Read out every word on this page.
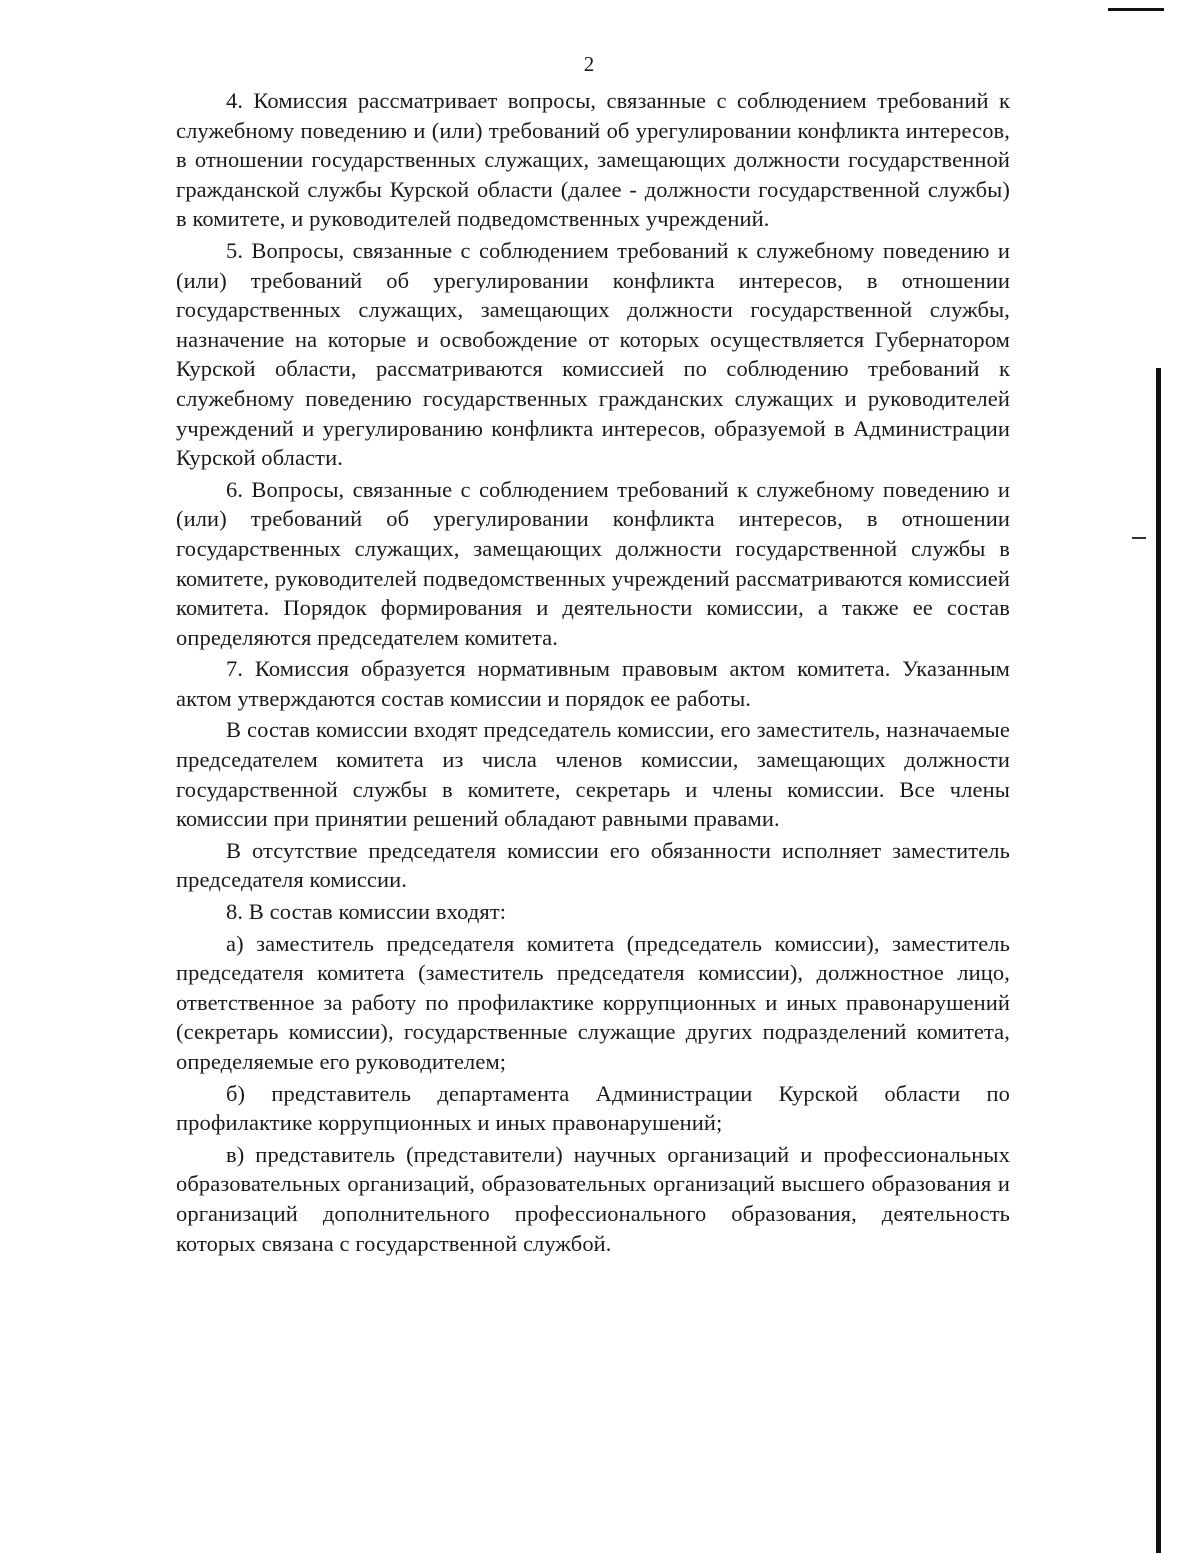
2

4. Комиссия рассматривает вопросы, связанные с соблюдением требований к служебному поведению и (или) требований об урегулировании конфликта интересов, в отношении государственных служащих, замещающих должности государственной гражданской службы Курской области (далее - должности государственной службы) в комитете, и руководителей подведомственных учреждений.

5. Вопросы, связанные с соблюдением требований к служебному поведению и (или) требований об урегулировании конфликта интересов, в отношении государственных служащих, замещающих должности государственной службы, назначение на которые и освобождение от которых осуществляется Губернатором Курской области, рассматриваются комиссией по соблюдению требований к служебному поведению государственных гражданских служащих и руководителей учреждений и урегулированию конфликта интересов, образуемой в Администрации Курской области.

6. Вопросы, связанные с соблюдением требований к служебному поведению и (или) требований об урегулировании конфликта интересов, в отношении государственных служащих, замещающих должности государственной службы в комитете, руководителей подведомственных учреждений рассматриваются комиссией комитета. Порядок формирования и деятельности комиссии, а также ее состав определяются председателем комитета.

7. Комиссия образуется нормативным правовым актом комитета. Указанным актом утверждаются состав комиссии и порядок ее работы.

В состав комиссии входят председатель комиссии, его заместитель, назначаемые председателем комитета из числа членов комиссии, замещающих должности государственной службы в комитете, секретарь и члены комиссии. Все члены комиссии при принятии решений обладают равными правами.

В отсутствие председателя комиссии его обязанности исполняет заместитель председателя комиссии.

8. В состав комиссии входят:

а) заместитель председателя комитета (председатель комиссии), заместитель председателя комитета (заместитель председателя комиссии), должностное лицо, ответственное за работу по профилактике коррупционных и иных правонарушений (секретарь комиссии), государственные служащие других подразделений комитета, определяемые его руководителем;

б) представитель департамента Администрации Курской области по профилактике коррупционных и иных правонарушений;

в) представитель (представители) научных организаций и профессиональных образовательных организаций, образовательных организаций высшего образования и организаций дополнительного профессионального образования, деятельность которых связана с государственной службой.
